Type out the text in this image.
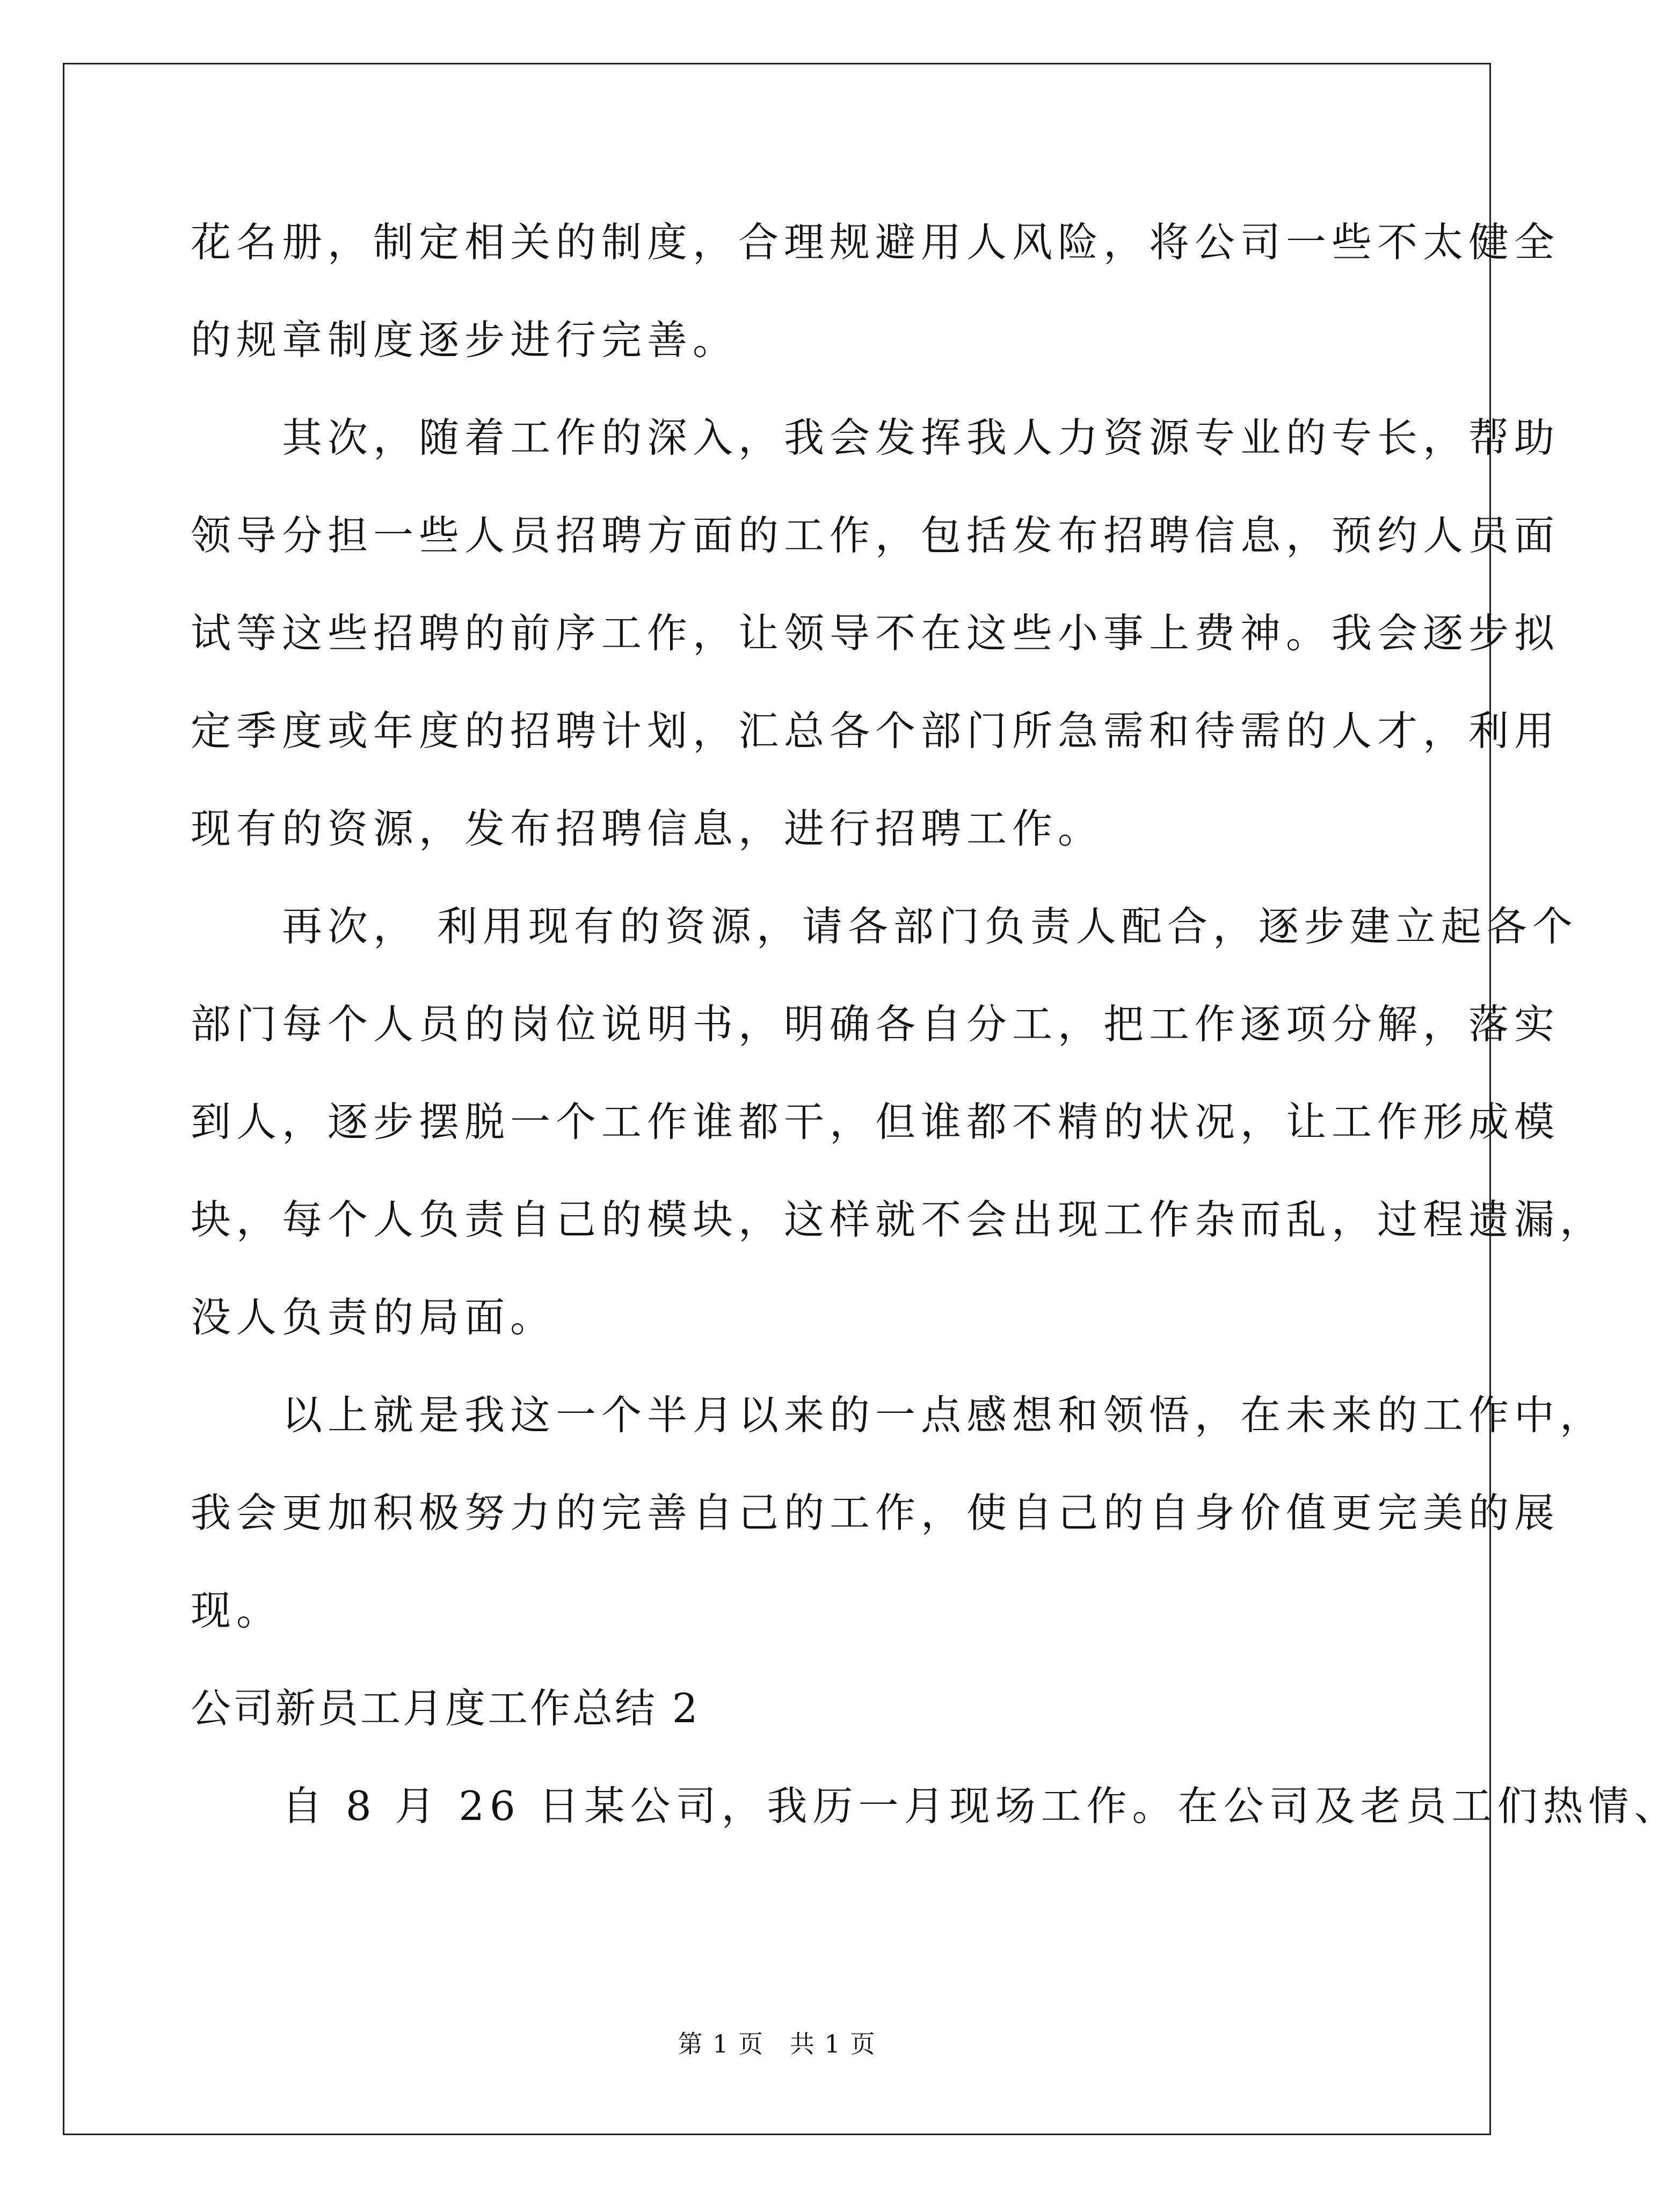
花名册，制定相关的制度，合理规避用人风险，将公司一些不太健全
的规章制度逐步进行完善。
　　其次，随着工作的深入，我会发挥我人力资源专业的专长，帮助
领导分担一些人员招聘方面的工作，包括发布招聘信息，预约人员面
试等这些招聘的前序工作，让领导不在这些小事上费神。我会逐步拟
定季度或年度的招聘计划，汇总各个部门所急需和待需的人才，利用
现有的资源，发布招聘信息，进行招聘工作。
　　再次， 利用现有的资源，请各部门负责人配合，逐步建立起各个
部门每个人员的岗位说明书，明确各自分工，把工作逐项分解，落实
到人，逐步摆脱一个工作谁都干，但谁都不精的状况，让工作形成模
块，每个人负责自己的模块，这样就不会出现工作杂而乱，过程遗漏，
没人负责的局面。
　　以上就是我这一个半月以来的一点感想和领悟，在未来的工作中，
我会更加积极努力的完善自己的工作，使自己的自身价值更完美的展
现。
公司新员工月度工作总结 2
　　自 8 月 26 日某公司，我历一月现场工作。在公司及老员工们热情、
第 1 页　共 1 页
